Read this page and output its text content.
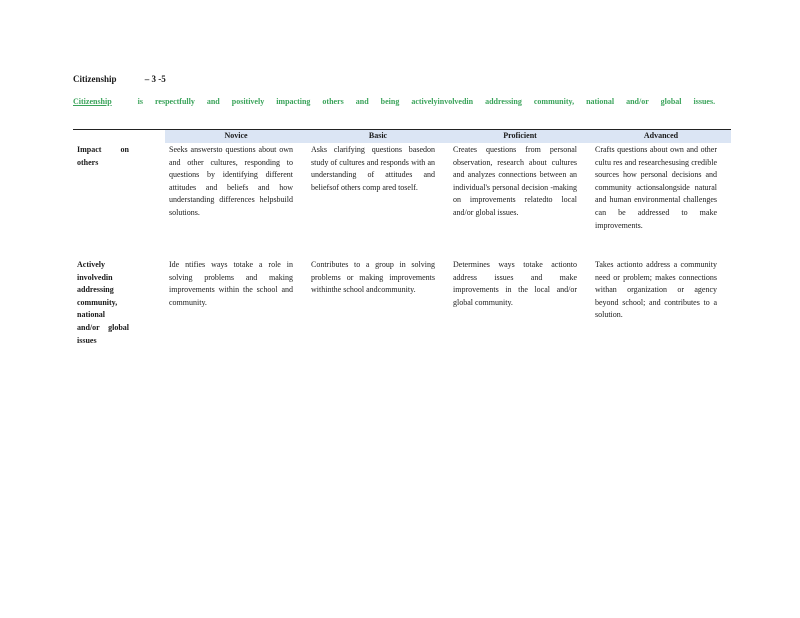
Citizenship	– 3 -5
Citizenship	is respectfully and positively impacting others and being activelyinvolvedin addressing community, national and/or global issues.
	Novice	Basic	Proficient	Advanced
Impact on others	Seeks answersto questions about own and other cultures, responding to questions by identifying different attitudes and beliefs and how understanding differences helpsbuild solutions.	Asks clarifying questions basedon study of cultures and responds with an understanding of attitudes and beliefsof others comp ared toself.	Creates questions from personal observation, research about cultures and analyzes connections between an individual's personal decision -making on improvements relatedto local and/or global issues.	Crafts questions about own and other cultu res and researchesusing credible sources how personal decisions and community actionsalongside natural and human environmental challenges can be addressed to make improvements.
Actively involvedin addressing community, national and/or global issues	Ide ntifies ways totake a role in solving problems and making improvements within the school and community.	Contributes to a group in solving problems or making improvements withinthe school andcommunity.	Determines ways totake actionto address issues and make improvements in the local and/or global community.	Takes actionto address a community need or problem; makes connections withan organization or agency beyond school; and contributes to a solution.
